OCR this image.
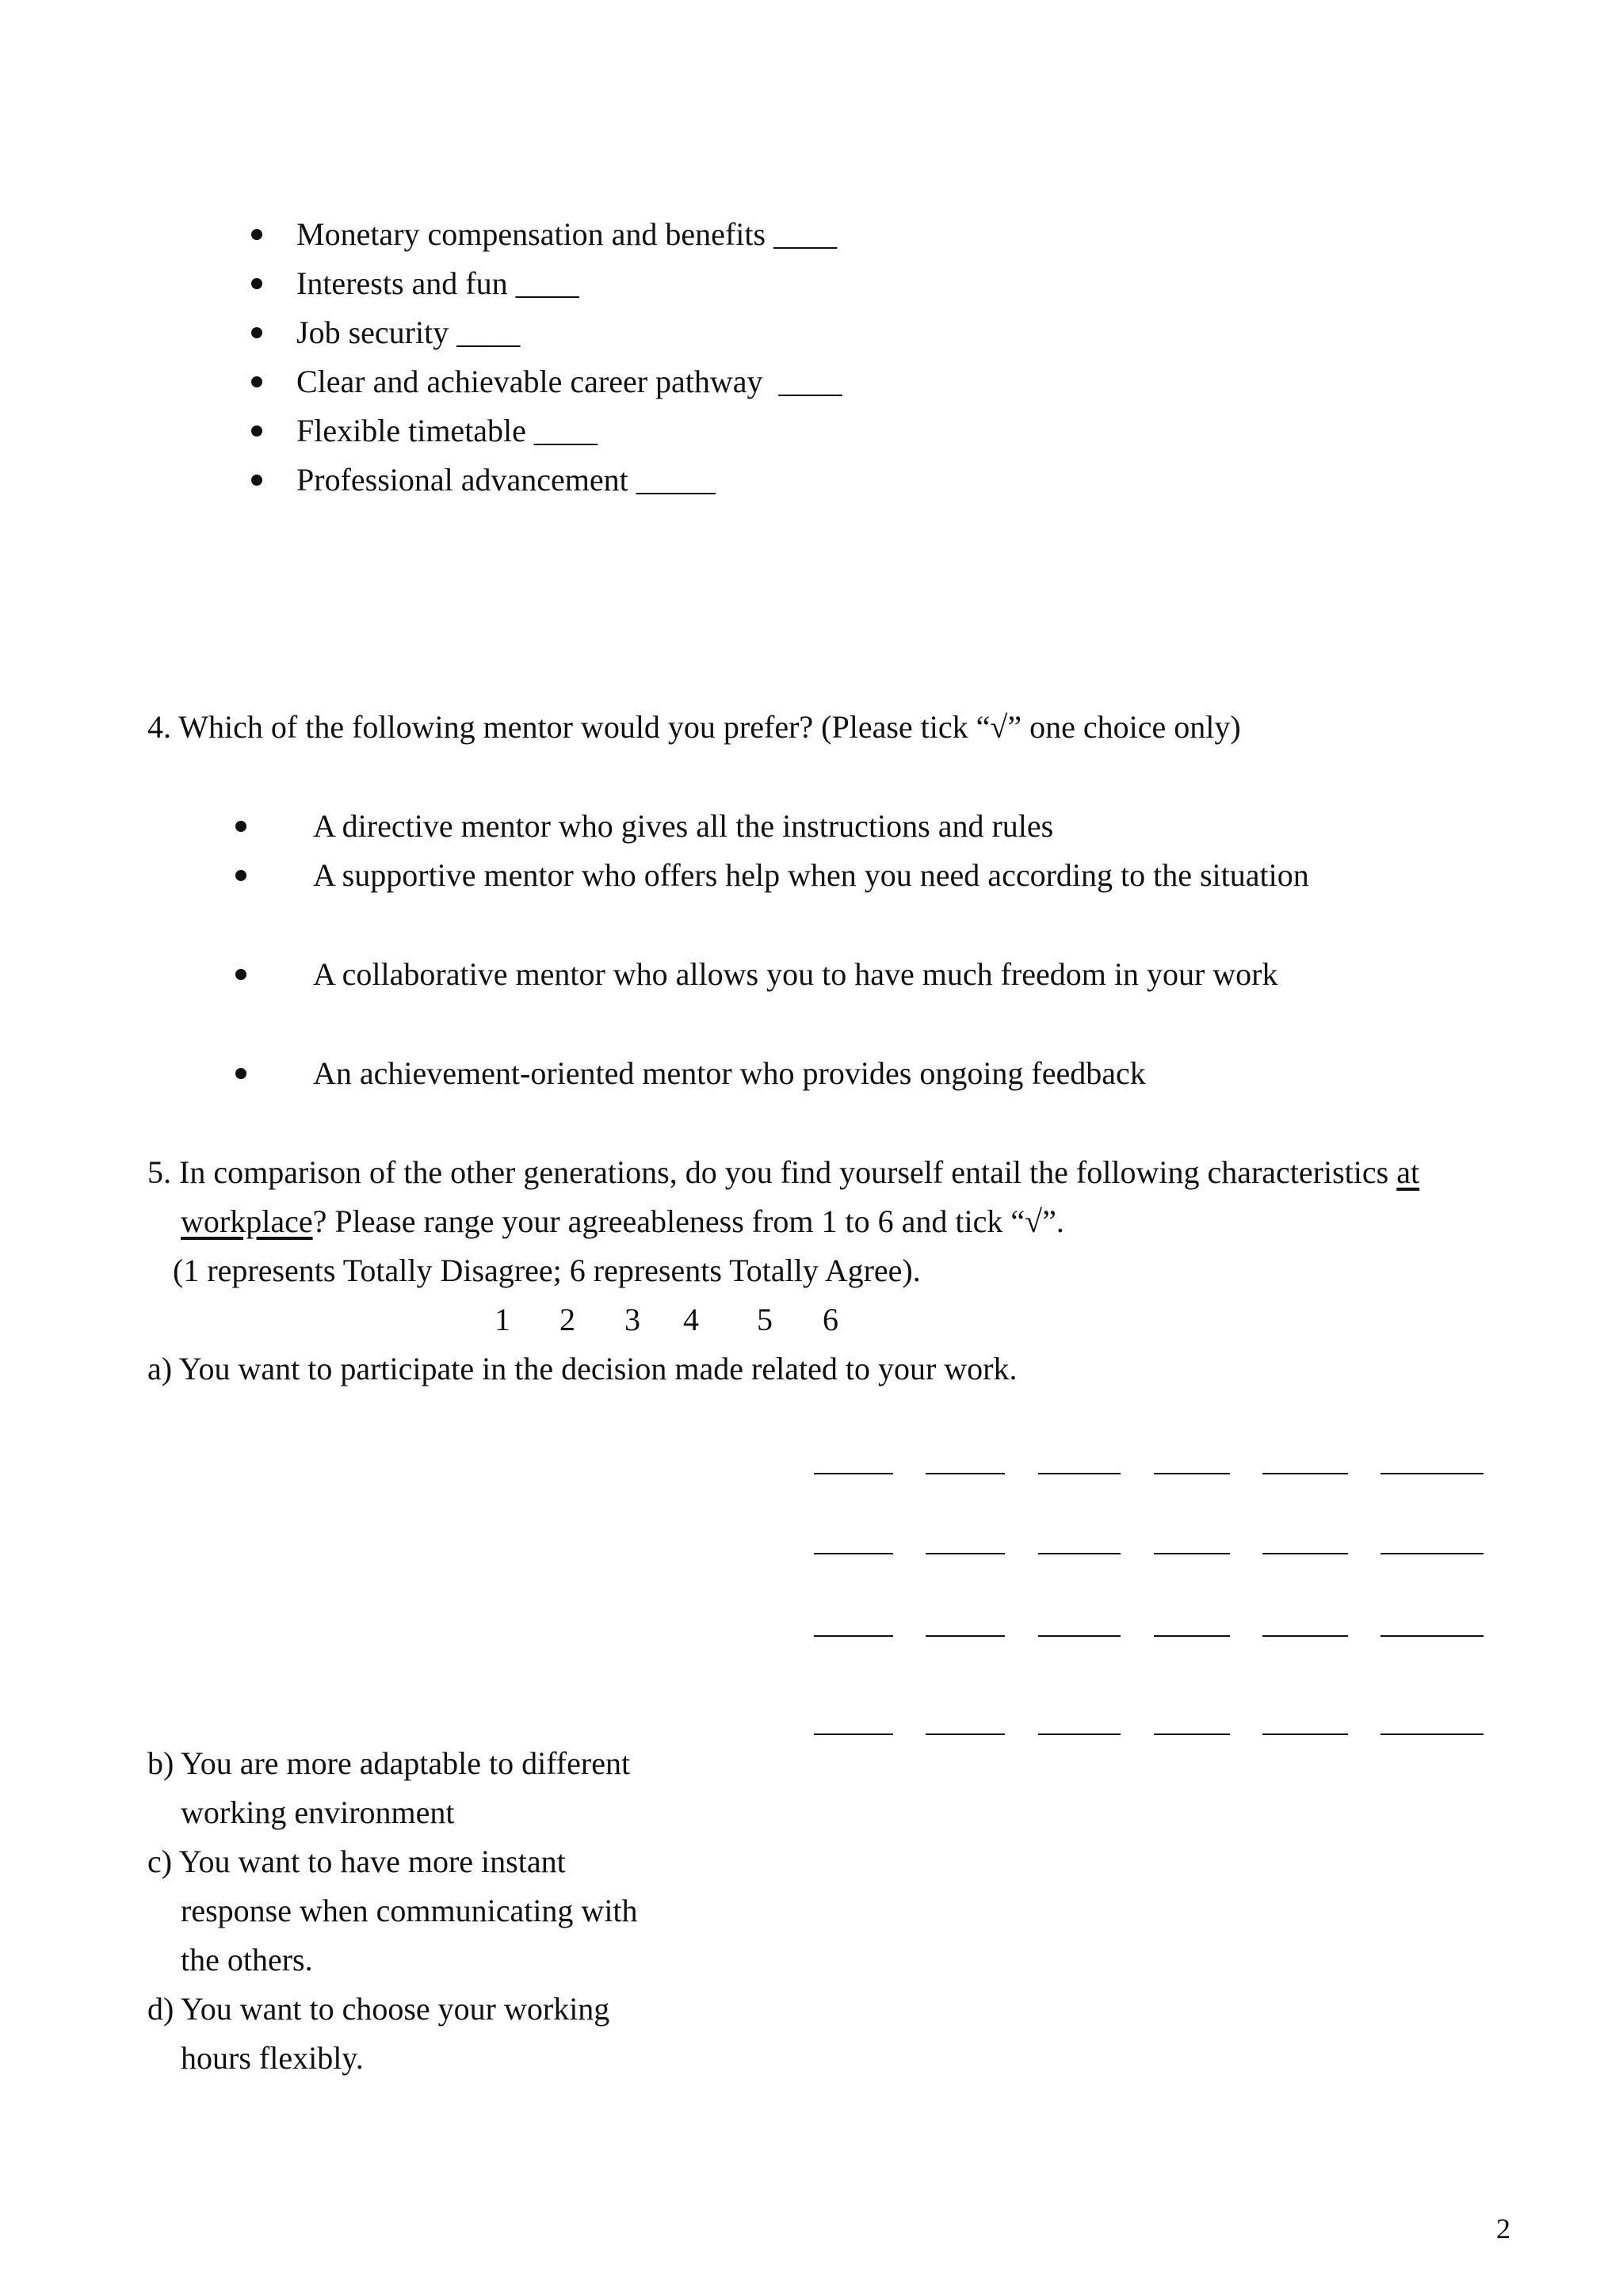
Monetary compensation and benefits ____
Interests and fun ____
Job security ____
Clear and achievable career pathway  ____
Flexible timetable ____
Professional advancement _____
4. Which of the following mentor would you prefer? (Please tick “√” one choice only)
A directive mentor who gives all the instructions and rules
A supportive mentor who offers help when you need according to the situation
A collaborative mentor who allows you to have much freedom in your work
An achievement-oriented mentor who provides ongoing feedback
5. In comparison of the other generations, do you find yourself entail the following characteristics at
workplace? Please range your agreeableness from 1 to 6 and tick “√”.
(1 represents Totally Disagree; 6 represents Totally Agree).
1 2 3 4 5 6
a) You want to participate in the decision made related to your work.
b) You are more adaptable to different
working environment
c) You want to have more instant
response when communicating with
the others.
d) You want to choose your working
hours flexibly.
2
